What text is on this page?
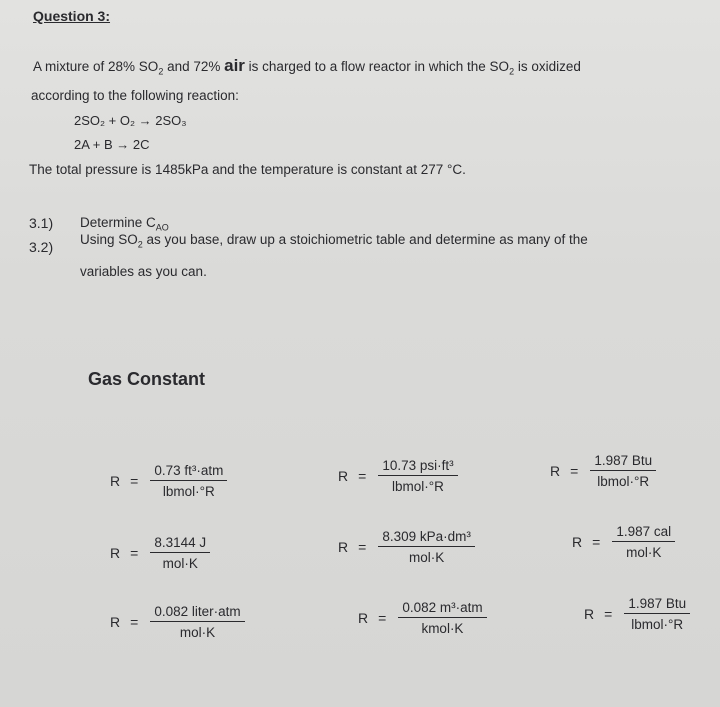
Question 3:
A mixture of 28% $SO_2$ and 72% air is charged to a flow reactor in which the $SO_2$ is oxidized
according to the following reaction:
2SO₂ + O₂ → 2SO₃
2A + B → 2C
The total pressure is 1485kPa and the temperature is constant at 277 °C.
3.1) Determine $C_{AO}$
3.2) Using $SO_2$ as you base, draw up a stoichiometric table and determine as many of the
variables as you can.
Gas Constant
$R = \frac{\text{0.73 ft³·atm}}{\text{lbmol·°R}}$	$R = \frac{\text{10.73 psi·ft³}}{\text{lbmol·°R}}$	$R = \frac{\text{1.987 Btu}}{\text{lbmol·°R}}$
$R = \frac{8.3144 J}{\text{mol·K}}$	$R = \frac{\text{8.309 kPa·dm³}}{\text{mol·K}}$	$R = \frac{\text{1.987 cal}}{\text{mol·K}}$
$R = \frac{\text{0.082 liter·atm}}{\text{mol·K}}$	$R = \frac{\text{0.082 m³·atm}}{\text{kmol·K}}$	$R = \frac{\text{1.987 Btu}}{\text{lbmol·°R}}$
